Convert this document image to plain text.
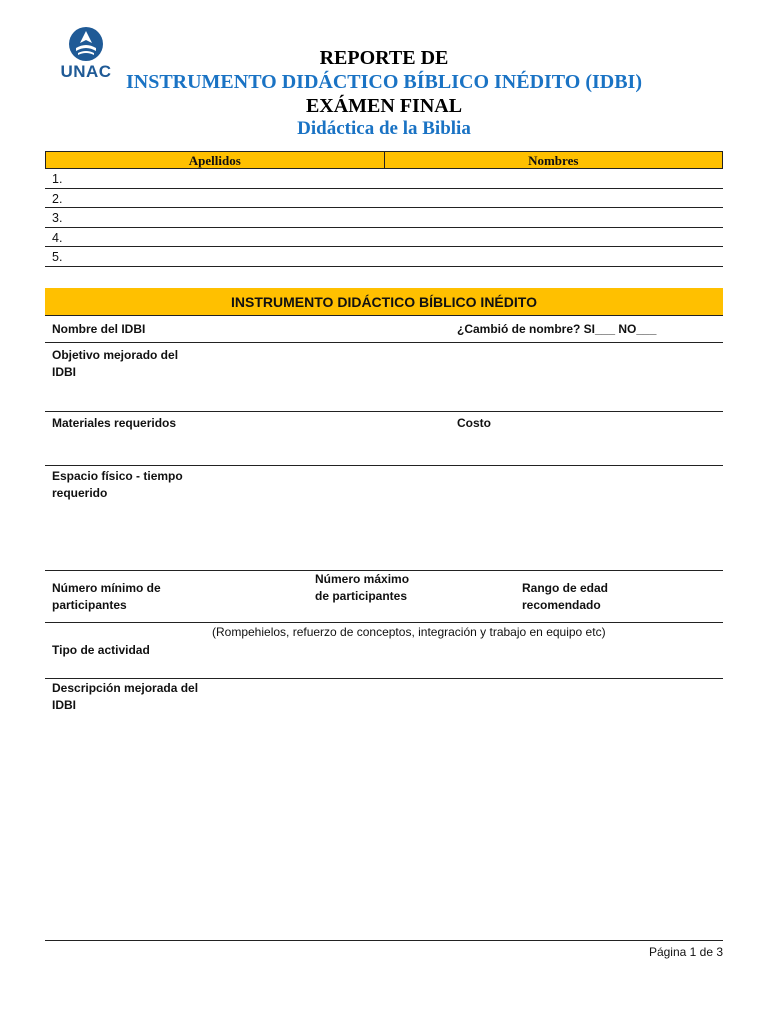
UNAC
REPORTE DE
INSTRUMENTO DIDÁCTICO BÍBLICO INÉDITO (IDBI)
EXÁMEN FINAL
Didáctica de la Biblia
Apellidos	Nombres
1.
2.
3.
4.
5.
INSTRUMENTO DIDÁCTICO BÍBLICO INÉDITO
Nombre del IDBI	¿Cambió de nombre? SI___ NO___
Objetivo mejorado del IDBI
Materiales requeridos	Costo
Espacio físico - tiempo requerido
Número mínimo de participantes
Número máximo de participantes
Rango de edad recomendado
(Rompehielos, refuerzo de conceptos, integración y trabajo en equipo etc)
Tipo de actividad
Descripción mejorada del IDBI
Página 1 de 3
